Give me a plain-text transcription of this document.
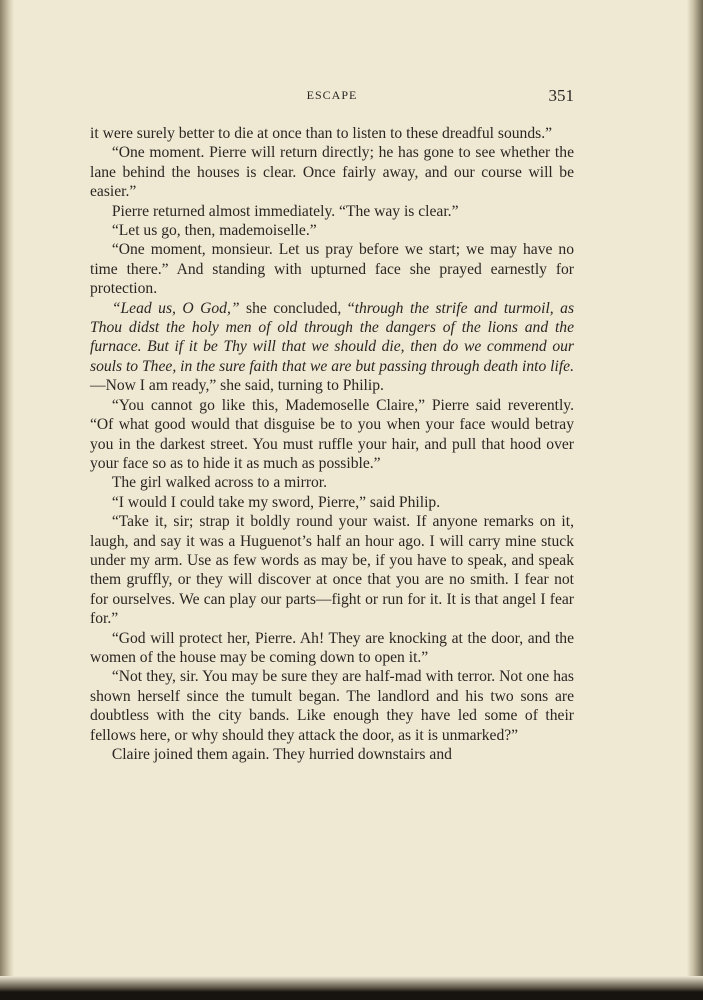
ESCAPE	351

it were surely better to die at once than to listen to these dreadful sounds.”

“One moment. Pierre will return directly; he has gone to see whether the lane behind the houses is clear. Once fairly away, and our course will be easier.”

Pierre returned almost immediately. “The way is clear.”

“Let us go, then, mademoiselle.”

“One moment, monsieur. Let us pray before we start; we may have no time there.” And standing with upturned face she prayed earnestly for protection.

“Lead us, O God,” she concluded, “through the strife and turmoil, as Thou didst the holy men of old through the dangers of the lions and the furnace. But if it be Thy will that we should die, then do we commend our souls to Thee, in the sure faith that we are but passing through death into life.—Now I am ready,” she said, turning to Philip.

“You cannot go like this, Mademoselle Claire,” Pierre said reverently. “Of what good would that disguise be to you when your face would betray you in the darkest street. You must ruffle your hair, and pull that hood over your face so as to hide it as much as possible.”

The girl walked across to a mirror.

“I would I could take my sword, Pierre,” said Philip.

“Take it, sir; strap it boldly round your waist. If anyone remarks on it, laugh, and say it was a Huguenot’s half an hour ago. I will carry mine stuck under my arm. Use as few words as may be, if you have to speak, and speak them gruffly, or they will discover at once that you are no smith. I fear not for ourselves. We can play our parts—fight or run for it. It is that angel I fear for.”

“God will protect her, Pierre. Ah! They are knocking at the door, and the women of the house may be coming down to open it.”

“Not they, sir. You may be sure they are half-mad with terror. Not one has shown herself since the tumult began. The landlord and his two sons are doubtless with the city bands. Like enough they have led some of their fellows here, or why should they attack the door, as it is unmarked?”

Claire joined them again. They hurried downstairs and
